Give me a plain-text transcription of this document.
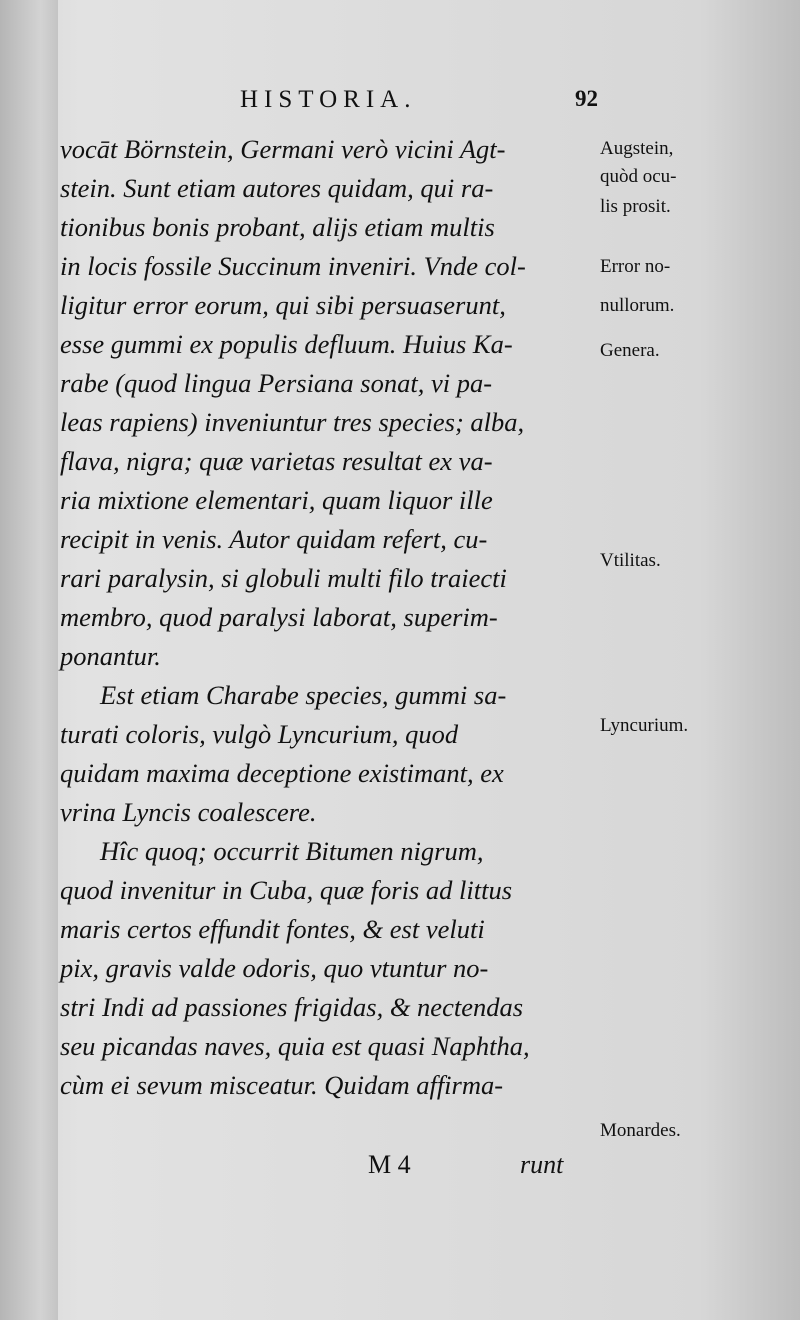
HISTORIA.	92
vocāt Börnstein, Germani verò vicini Agt-
stein. Sunt etiam autores quidam, qui ra-
tionibus bonis probant, alijs etiam multis
in locis fossile Succinum inveniri. Vnde col-
ligitur error eorum, qui sibi persuaserunt,
esse gummi ex populis defluum. Huius Ka-
rabe (quod lingua Persiana sonat, vi pa-
leas rapiens) inveniuntur tres species; alba,
flava, nigra; quæ varietas resultat ex va-
ria mixtione elementari, quam liquor ille
recipit in venis. Autor quidam refert, cu-
rari paralysin, si globuli multi filo traiecti
membro, quod paralysi laborat, superim-
ponantur.
Est etiam Charabe species, gummi sa-
turati coloris, vulgò Lyncurium, quod
quidam maxima deceptione existimant, ex
vrina Lyncis coalescere.
Hîc quoq; occurrit Bitumen nigrum,
quod invenitur in Cuba, quæ foris ad littus
maris certos effundit fontes, & est veluti
pix, gravis valde odoris, quo vtuntur no-
stri Indi ad passiones frigidas, & nectendas
seu picandas naves, quia est quasi Naphtha,
cùm ei sevum misceatur. Quidam affirma-
Augstein,
quòd ocu-
lis prosit.
Error no-
nullorum.
Genera.
Vtilitas.
Lyncurium.
Monardes.
M 4	runt
